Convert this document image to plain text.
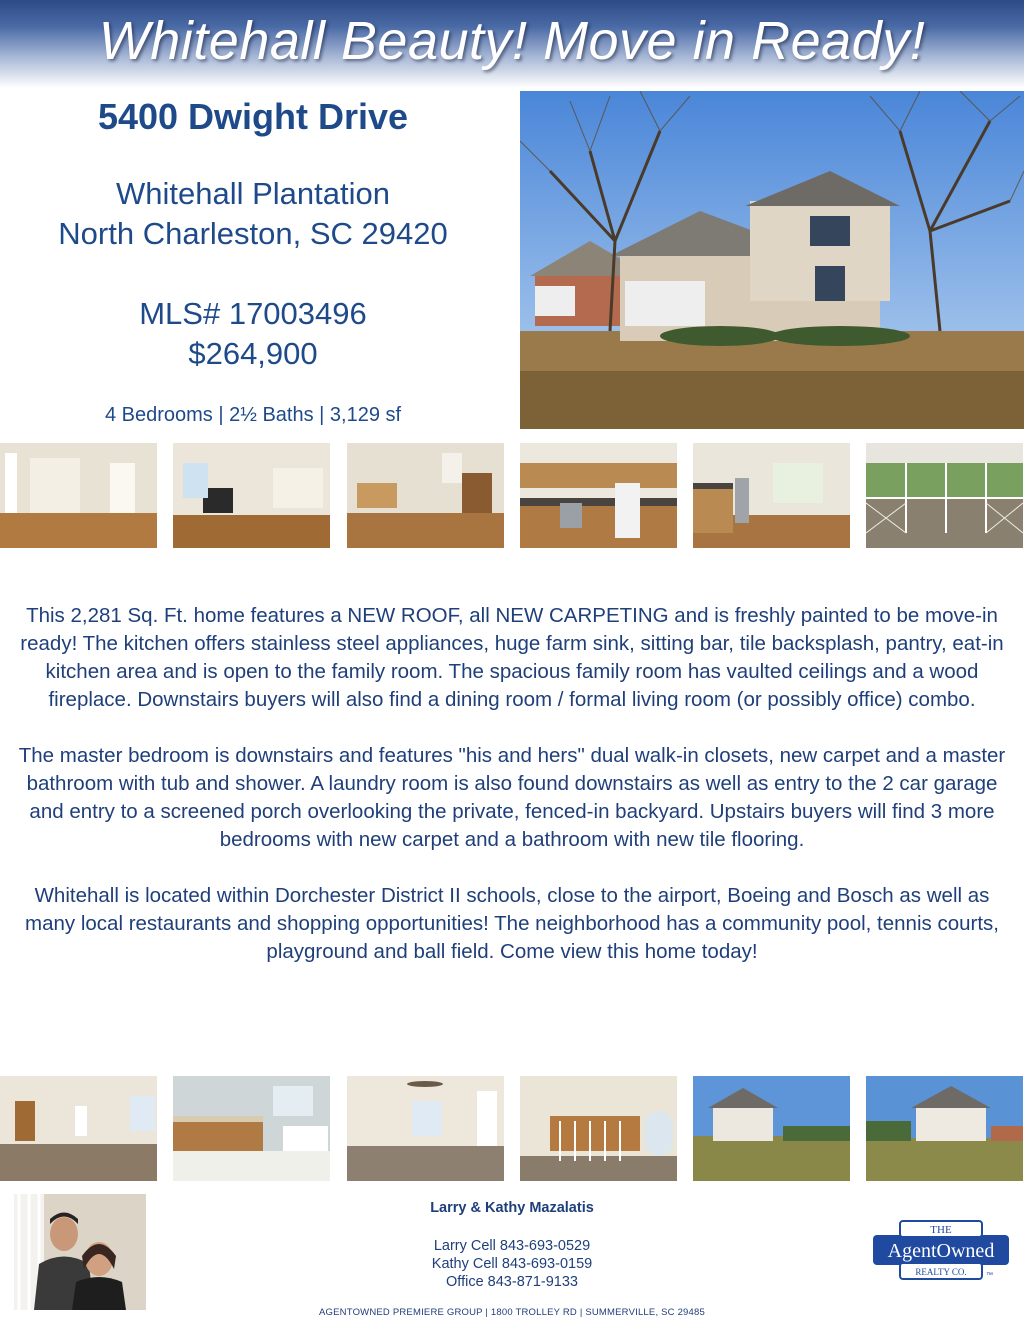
Whitehall Beauty! Move in Ready!
5400 Dwight Drive
Whitehall Plantation
North Charleston, SC 29420
MLS# 17003496
$264,900
4 Bedrooms | 2½ Baths | 3,129 sf

This 2,281 Sq. Ft. home features a NEW ROOF, all NEW CARPETING and is freshly painted to be move-in ready! The kitchen offers stainless steel appliances, huge farm sink, sitting bar, tile backsplash, pantry, eat-in kitchen area and is open to the family room. The spacious family room has vaulted ceilings and a wood fireplace. Downstairs buyers will also find a dining room / formal living room (or possibly office) combo.

The master bedroom is downstairs and features "his and hers" dual walk-in closets, new carpet and a master bathroom with tub and shower. A laundry room is also found downstairs as well as entry to the 2 car garage and entry to a screened porch overlooking the private, fenced-in backyard. Upstairs buyers will find 3 more bedrooms with new carpet and a bathroom with new tile flooring.

Whitehall is located within Dorchester District II schools, close to the airport, Boeing and Bosch as well as many local restaurants and shopping opportunities! The neighborhood has a community pool, tennis courts, playground and ball field. Come view this home today!

Larry & Kathy Mazalatis
Larry Cell 843-693-0529
Kathy Cell 843-693-0159
Office 843-871-9133
THE
AgentOwned
REALTY CO.	™
AGENTOWNED PREMIERE GROUP | 1800 TROLLEY RD | SUMMERVILLE, SC 29485
